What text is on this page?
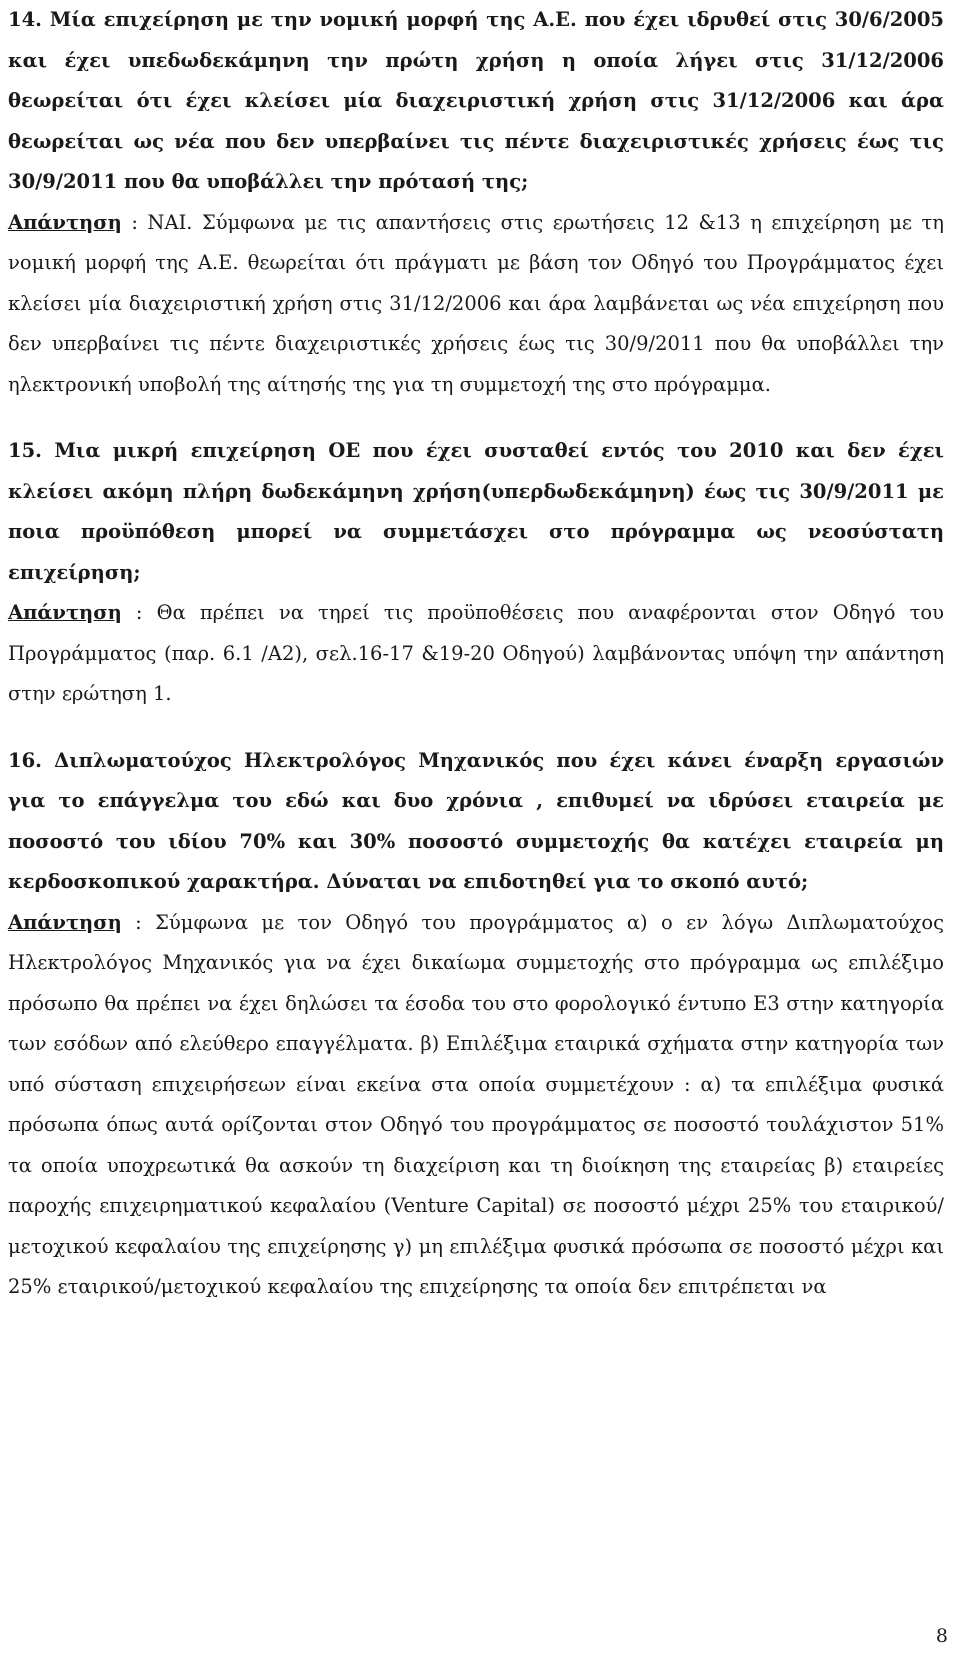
14. Μία επιχείρηση με την νομική μορφή της Α.Ε. που έχει ιδρυθεί στις 30/6/2005 και έχει υπεδωδεκάμηνη την πρώτη χρήση η οποία λήγει στις 31/12/2006 θεωρείται ότι έχει κλείσει μία διαχειριστική χρήση στις 31/12/2006 και άρα θεωρείται ως νέα που δεν υπερβαίνει τις πέντε διαχειριστικές χρήσεις έως τις 30/9/2011 που θα υποβάλλει την πρότασή της;

Απάντηση : ΝΑΙ. Σύμφωνα με τις απαντήσεις στις ερωτήσεις 12 &13 η επιχείρηση με τη νομική μορφή της Α.Ε. θεωρείται ότι πράγματι με βάση τον Οδηγό του Προγράμματος έχει κλείσει μία διαχειριστική χρήση στις 31/12/2006 και άρα λαμβάνεται ως νέα επιχείρηση που δεν υπερβαίνει τις πέντε διαχειριστικές χρήσεις έως τις 30/9/2011 που θα υποβάλλει την ηλεκτρονική υποβολή της αίτησής της για τη συμμετοχή της στο πρόγραμμα.

15. Μια μικρή επιχείρηση ΟΕ που έχει συσταθεί εντός του 2010 και δεν έχει κλείσει ακόμη πλήρη δωδεκάμηνη χρήση(υπερδωδεκάμηνη) έως τις 30/9/2011 με ποια προϋπόθεση μπορεί να συμμετάσχει στο πρόγραμμα ως νεοσύστατη επιχείρηση;

Απάντηση : Θα πρέπει να τηρεί τις προϋποθέσεις που αναφέρονται στον Οδηγό του Προγράμματος (παρ. 6.1 /Α2), σελ.16-17 &19-20 Οδηγού) λαμβάνοντας υπόψη την απάντηση στην ερώτηση 1.

16. Διπλωματούχος Ηλεκτρολόγος Μηχανικός που έχει κάνει έναρξη εργασιών για το επάγγελμα του εδώ και δυο χρόνια , επιθυμεί να ιδρύσει εταιρεία με ποσοστό του ιδίου 70% και 30% ποσοστό συμμετοχής θα κατέχει εταιρεία μη κερδοσκοπικού χαρακτήρα. Δύναται να επιδοτηθεί για το σκοπό αυτό;

Απάντηση : Σύμφωνα με τον Οδηγό του προγράμματος α) ο εν λόγω Διπλωματούχος Ηλεκτρολόγος Μηχανικός για να έχει δικαίωμα συμμετοχής στο πρόγραμμα ως επιλέξιμο πρόσωπο θα πρέπει να έχει δηλώσει τα έσοδα του στο φορολογικό έντυπο Ε3 στην κατηγορία των εσόδων από ελεύθερο επαγγέλματα. β) Επιλέξιμα εταιρικά σχήματα στην κατηγορία των υπό σύσταση επιχειρήσεων είναι εκείνα στα οποία συμμετέχουν : α) τα επιλέξιμα φυσικά πρόσωπα όπως αυτά ορίζονται στον Οδηγό του προγράμματος σε ποσοστό τουλάχιστον 51% τα οποία υποχρεωτικά θα ασκούν τη διαχείριση και τη διοίκηση της εταιρείας β) εταιρείες παροχής επιχειρηματικού κεφαλαίου (Venture Capital) σε ποσοστό μέχρι 25% του εταιρικού/μετοχικού κεφαλαίου της επιχείρησης γ) μη επιλέξιμα φυσικά πρόσωπα σε ποσοστό μέχρι και 25% εταιρικού/μετοχικού κεφαλαίου της επιχείρησης τα οποία δεν επιτρέπεται να

8
